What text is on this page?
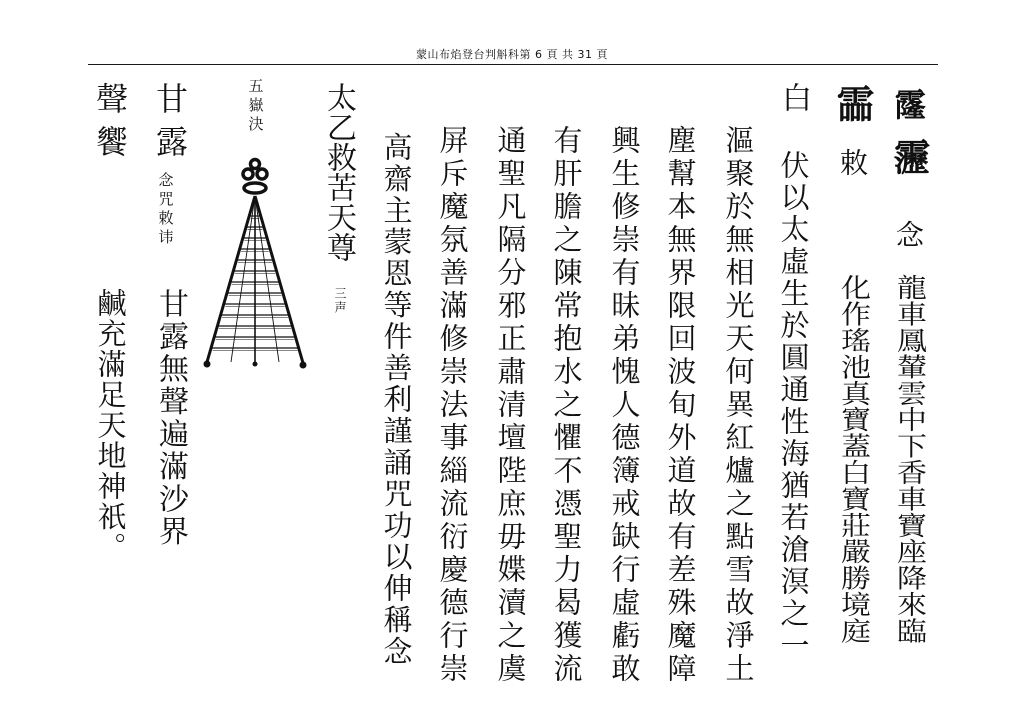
蒙山布焰登台判斛科第 6 頁 共 31 頁
霳
靋
念
龍車鳳輦雲中下香車寶座降來臨
霝
敕
化作瑤池真寶蓋白寶莊嚴勝境庭
白
伏以太虛生於圓通性海猶若滄溟之一
漚聚於無相光天何異紅爐之點雪故淨土
塵幫本無界限回波旬外道故有差殊魔障
興生修崇有昧弟愧人德簿戒缺行虛虧敢
有肝膽之陳常抱水之懼不憑聖力曷獲流
通聖凡隔分邪正肅清壇陛庶毋媟瀆之虞
屏斥魔氛善滿修崇法事緇流衍慶德行崇
高齋主蒙恩等件善利謹誦咒功以伸稱念
太乙救苦天尊
三声
五嶽決
甘露
念咒敕讳
甘露無聲遍滿沙界
聲饗
鹹充滿足天地神祇。
